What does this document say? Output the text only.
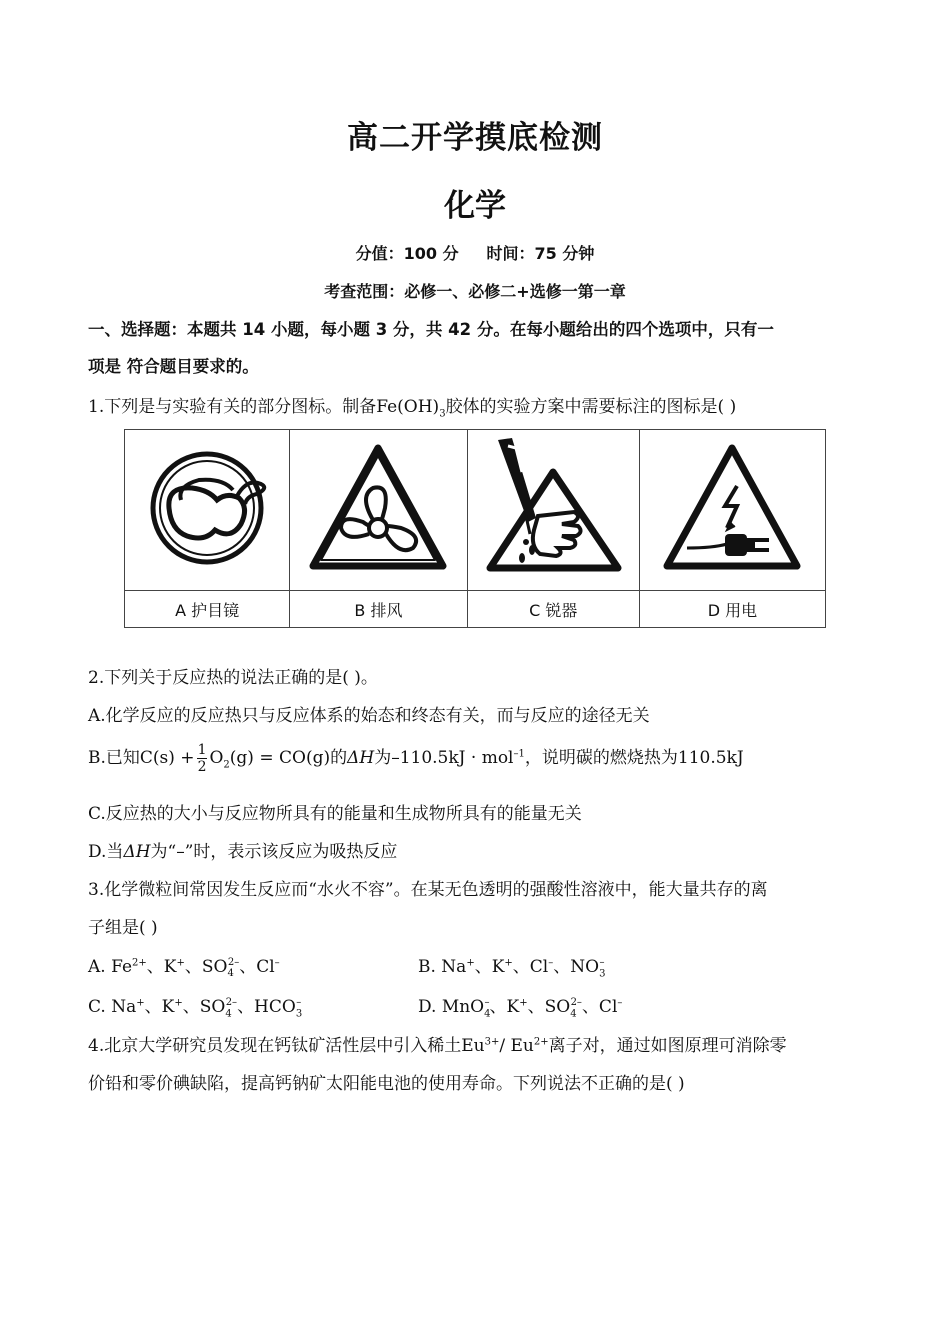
高二开学摸底检测
化学
分值：100 分 时间：75 分钟
考查范围：必修一、必修二+选修一第一章
一、选择题：本题共 14 小题，每小题 3 分，共 42 分。在每小题给出的四个选项中，只有一
项是 符合题目要求的。
1.下列是与实验有关的部分图标。制备$Fe(OH)_3$胶体的实验方案中需要标注的图标是( )

A 护目镜	B 排风	C 锐器	D 用电
2.下列关于反应热的说法正确的是( )。
A.化学反应的反应热只与反应体系的始态和终态有关，而与反应的途径无关
B.已知$C(s) + \frac{1}{2} O_2(g) = CO(g)$的ΔH为–110.5kJ · mol$^{-1}$，说明碳的燃烧热为110.5kJ
C.反应热的大小与反应物所具有的能量和生成物所具有的能量无关
D.当ΔH为“–”时，表示该反应为吸热反应
3.化学微粒间常因发生反应而“水火不容”。在某无色透明的强酸性溶液中，能大量共存的离
子组是( )
A. $Fe^{2+}$、K+、$SO_4^{2-}$、Cl–	B. Na+、K+、Cl–、$NO_3^-$
C. Na+、K+、$SO_4^{2-}$、$HCO_3^-$	D. MnO$_4$–、K+、$SO_4^{2-}$、Cl–
4.北京大学研究员发现在钙钛矿活性层中引入稀土$Eu^{3+}/$ $Eu^{2+}$离子对，通过如图原理可消除零
价铅和零价碘缺陷，提高钙钠矿太阳能电池的使用寿命。下列说法不正确的是( )
